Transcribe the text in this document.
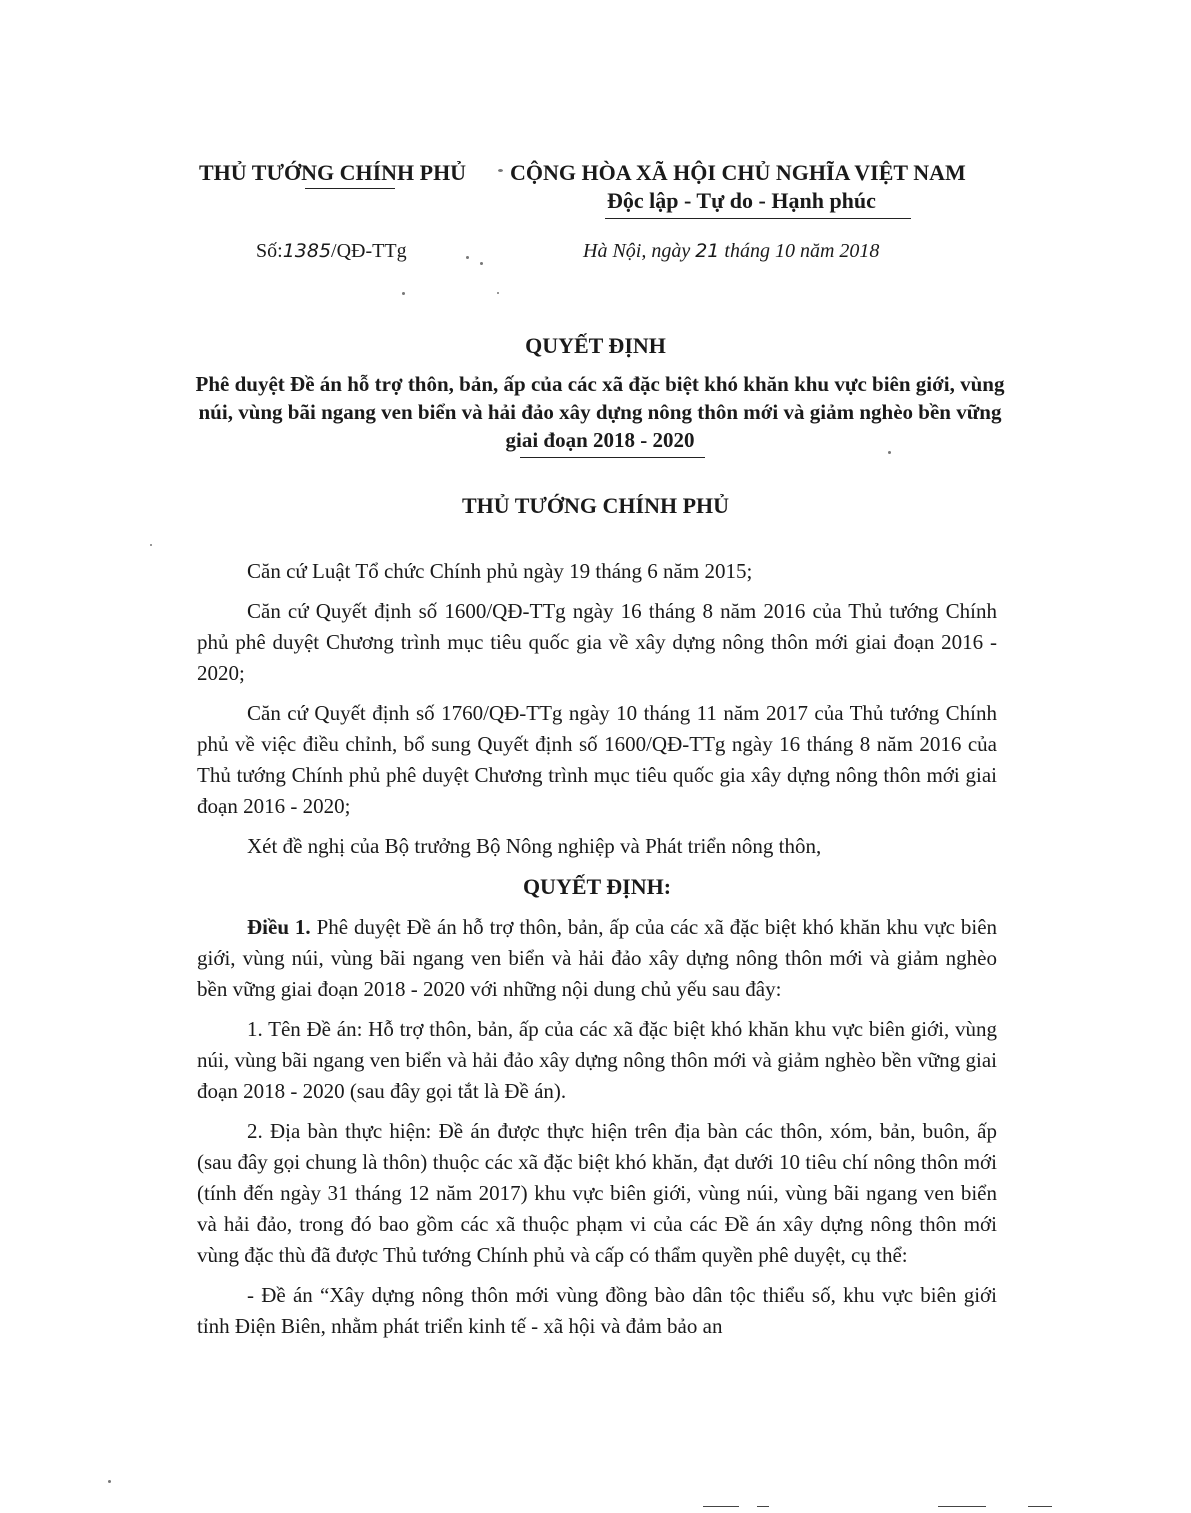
THỦ TƯỚNG CHÍNH PHỦ CỘNG HÒA XÃ HỘI CHỦ NGHĨA VIỆT NAM
Độc lập - Tự do - Hạnh phúc
Số:1385/QĐ-TTg	Hà Nội, ngày 21 tháng 10 năm 2018
QUYẾT ĐỊNH
Phê duyệt Đề án hỗ trợ thôn, bản, ấp của các xã đặc biệt khó khăn khu vực biên giới, vùng núi, vùng bãi ngang ven biển và hải đảo xây dựng nông thôn mới và giảm nghèo bền vững giai đoạn 2018 - 2020
THỦ TƯỚNG CHÍNH PHỦ

Căn cứ Luật Tổ chức Chính phủ ngày 19 tháng 6 năm 2015;

Căn cứ Quyết định số 1600/QĐ-TTg ngày 16 tháng 8 năm 2016 của Thủ tướng Chính phủ phê duyệt Chương trình mục tiêu quốc gia về xây dựng nông thôn mới giai đoạn 2016 - 2020;

Căn cứ Quyết định số 1760/QĐ-TTg ngày 10 tháng 11 năm 2017 của Thủ tướng Chính phủ về việc điều chỉnh, bổ sung Quyết định số 1600/QĐ-TTg ngày 16 tháng 8 năm 2016 của Thủ tướng Chính phủ phê duyệt Chương trình mục tiêu quốc gia xây dựng nông thôn mới giai đoạn 2016 - 2020;

Xét đề nghị của Bộ trưởng Bộ Nông nghiệp và Phát triển nông thôn,

QUYẾT ĐỊNH:

Điều 1. Phê duyệt Đề án hỗ trợ thôn, bản, ấp của các xã đặc biệt khó khăn khu vực biên giới, vùng núi, vùng bãi ngang ven biển và hải đảo xây dựng nông thôn mới và giảm nghèo bền vững giai đoạn 2018 - 2020 với những nội dung chủ yếu sau đây:

1. Tên Đề án: Hỗ trợ thôn, bản, ấp của các xã đặc biệt khó khăn khu vực biên giới, vùng núi, vùng bãi ngang ven biển và hải đảo xây dựng nông thôn mới và giảm nghèo bền vững giai đoạn 2018 - 2020 (sau đây gọi tắt là Đề án).

2. Địa bàn thực hiện: Đề án được thực hiện trên địa bàn các thôn, xóm, bản, buôn, ấp (sau đây gọi chung là thôn) thuộc các xã đặc biệt khó khăn, đạt dưới 10 tiêu chí nông thôn mới (tính đến ngày 31 tháng 12 năm 2017) khu vực biên giới, vùng núi, vùng bãi ngang ven biển và hải đảo, trong đó bao gồm các xã thuộc phạm vi của các Đề án xây dựng nông thôn mới vùng đặc thù đã được Thủ tướng Chính phủ và cấp có thẩm quyền phê duyệt, cụ thể:

- Đề án “Xây dựng nông thôn mới vùng đồng bào dân tộc thiểu số, khu vực biên giới tỉnh Điện Biên, nhằm phát triển kinh tế - xã hội và đảm bảo an
